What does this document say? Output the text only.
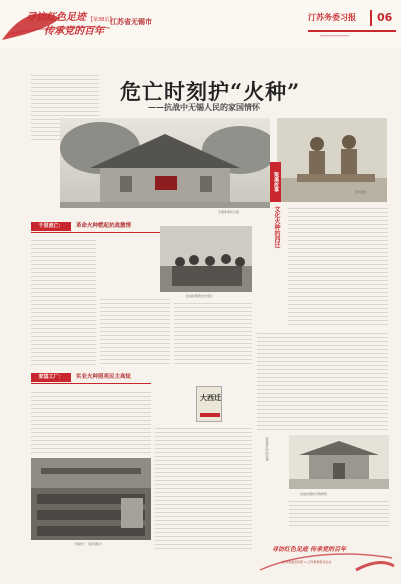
寻访红色足迹
传承党的百年
【第38站】
江苏省无锡市	汀苏务委习报 06
━━━━━━━━━━━━━━
危亡时刻护“火种”
——抗战中无锡人民的家国情怀
无锡革命纪念馆
资料图片
梁溪故事
文化火种的西迁
千里流亡：	革命火种燃起抗战激情
抗战时期的历史照片
家国工厂：	实业火种照亮民主高炫
大西迁
无锡纱厂（资料图片）
抗战烽火中的无锡
抗战时期的无锡建筑
寻访红色足迹 传承党的百年
江苏省委宣传部 × 江苏教育报刊总社
